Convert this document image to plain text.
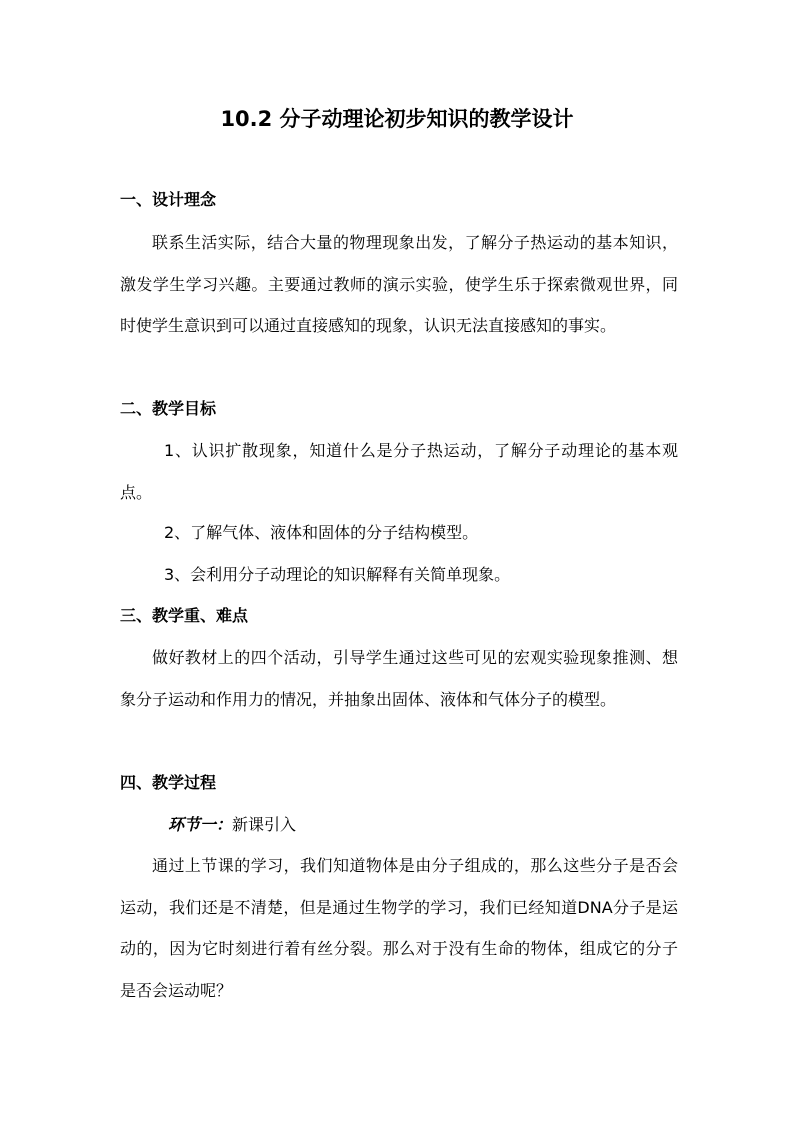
10.2 分子动理论初步知识的教学设计
一、设计理念
联系生活实际，结合大量的物理现象出发，了解分子热运动的基本知识，激发学生学习兴趣。主要通过教师的演示实验，使学生乐于探索微观世界，同时使学生意识到可以通过直接感知的现象，认识无法直接感知的事实。
二、教学目标
1、认识扩散现象，知道什么是分子热运动，了解分子动理论的基本观点。
2、了解气体、液体和固体的分子结构模型。
3、会利用分子动理论的知识解释有关简单现象。
三、教学重、难点
做好教材上的四个活动，引导学生通过这些可见的宏观实验现象推测、想象分子运动和作用力的情况，并抽象出固体、液体和气体分子的模型。
四、教学过程
环节一：新课引入
通过上节课的学习，我们知道物体是由分子组成的，那么这些分子是否会运动，我们还是不清楚，但是通过生物学的学习，我们已经知道DNA分子是运动的，因为它时刻进行着有丝分裂。那么对于没有生命的物体，组成它的分子是否会运动呢？
